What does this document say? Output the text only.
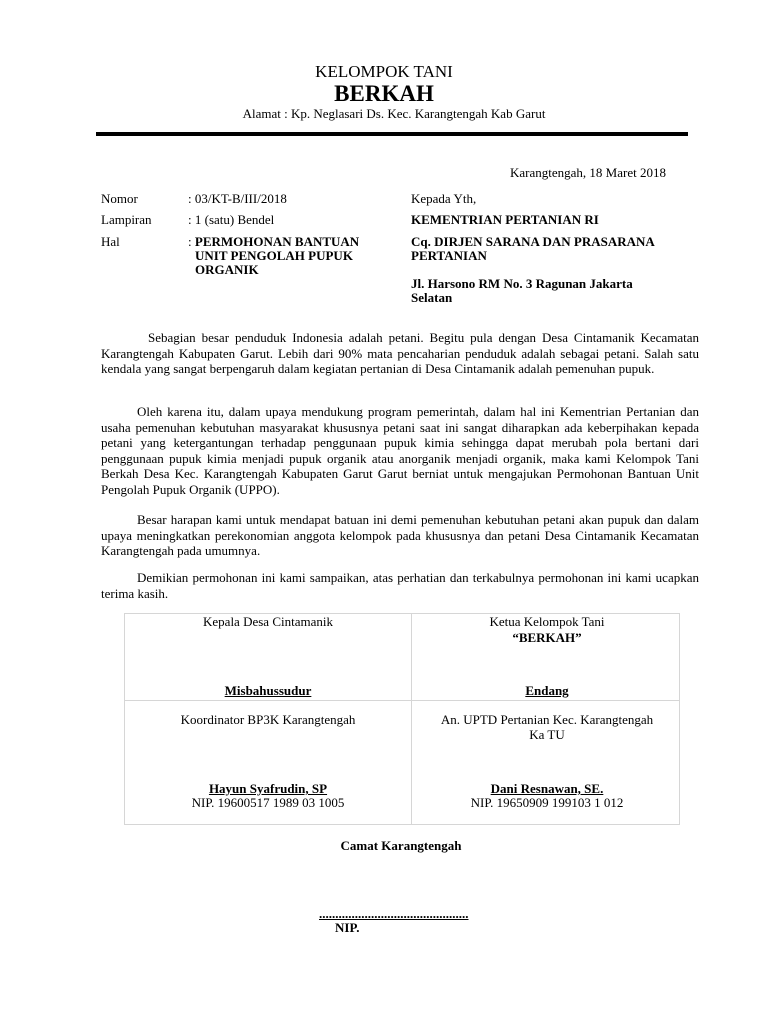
KELOMPOK TANI
BERKAH
Alamat : Kp. Neglasari Ds. Kec. Karangtengah Kab Garut
Karangtengah, 18 Maret 2018
Nomor	: 03/KT-B/III/2018
Lampiran	: 1 (satu) Bendel
Hal	: PERMOHONAN BANTUAN
UNIT PENGOLAH PUPUK
ORGANIK
Kepada Yth,
KEMENTRIAN PERTANIAN RI
Cq. DIRJEN SARANA DAN PRASARANA
PERTANIAN
Jl. Harsono RM No. 3 Ragunan Jakarta
Selatan

Sebagian besar penduduk Indonesia adalah petani. Begitu pula dengan Desa Cintamanik Kecamatan Karangtengah Kabupaten Garut. Lebih dari 90% mata pencaharian penduduk adalah sebagai petani. Salah satu kendala yang sangat berpengaruh dalam kegiatan pertanian di Desa Cintamanik adalah pemenuhan pupuk.

Oleh karena itu, dalam upaya mendukung program pemerintah, dalam hal ini Kementrian Pertanian dan usaha pemenuhan kebutuhan masyarakat khususnya petani saat ini sangat diharapkan ada keberpihakan kepada petani yang ketergantungan terhadap penggunaan pupuk kimia sehingga dapat merubah pola bertani dari penggunaan pupuk kimia menjadi pupuk organik atau anorganik menjadi organik, maka kami Kelompok Tani Berkah Desa Kec. Karangtengah Kabupaten Garut Garut berniat untuk mengajukan Permohonan Bantuan Unit Pengolah Pupuk Organik (UPPO).

Besar harapan kami untuk mendapat batuan ini demi pemenuhan kebutuhan petani akan pupuk dan dalam upaya meningkatkan perekonomian anggota kelompok pada khususnya dan petani Desa Cintamanik Kecamatan Karangtengah pada umumnya.

Demikian permohonan ini kami sampaikan, atas perhatian dan terkabulnya permohonan ini kami ucapkan terima kasih.

Kepala Desa Cintamanik
Misbahussudur
Ketua Kelompok Tani
“BERKAH”
Endang
Koordinator BP3K Karangtengah
Hayun Syafrudin, SP
NIP. 19600517 1989 03 1005
An. UPTD Pertanian Kec. Karangtengah
Ka TU
Dani Resnawan, SE.
NIP. 19650909 199103 1 012
Camat Karangtengah
..............................................
NIP.
